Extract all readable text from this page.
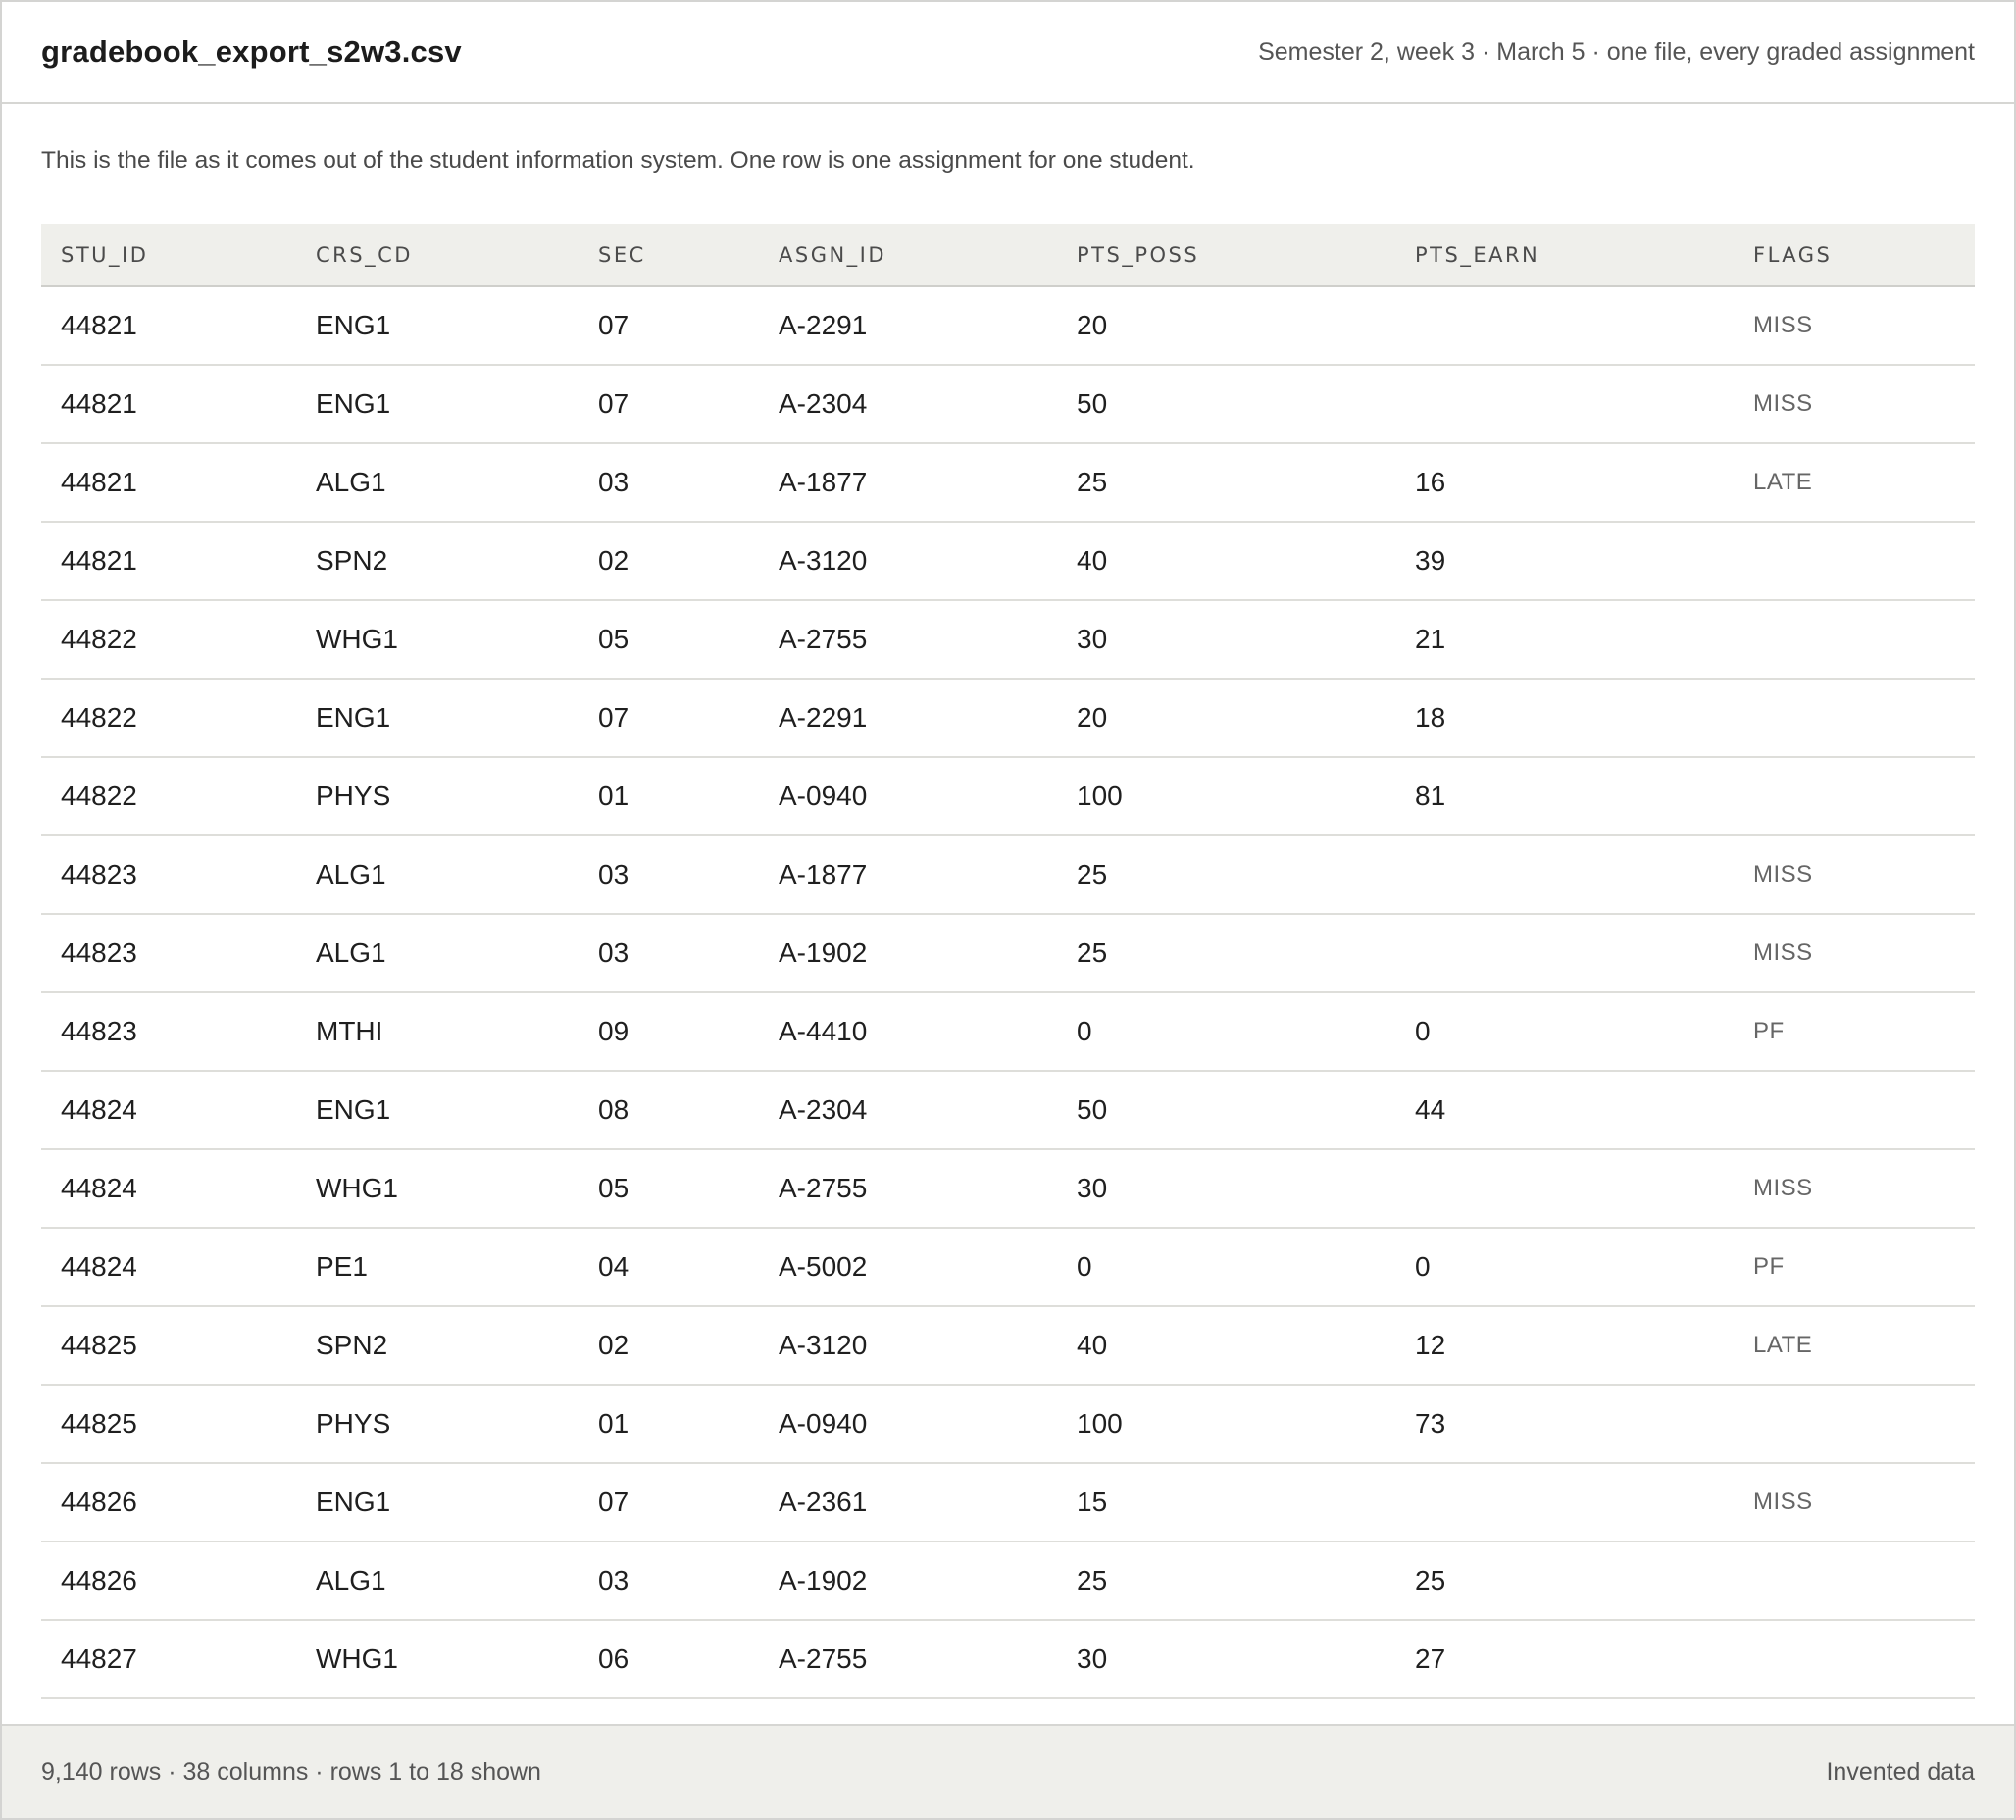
gradebook_export_s2w3.csv	Semester 2, week 3 · March 5 · one file, every graded assignment
This is the file as it comes out of the student information system. One row is one assignment for one student.
STU_ID	CRS_CD	SEC	ASGN_ID	PTS_POSS	PTS_EARN	FLAGS
44821	ENG1	07	A-2291	20		MISS
44821	ENG1	07	A-2304	50		MISS
44821	ALG1	03	A-1877	25	16	LATE
44821	SPN2	02	A-3120	40	39	
44822	WHG1	05	A-2755	30	21	
44822	ENG1	07	A-2291	20	18	
44822	PHYS	01	A-0940	100	81	
44823	ALG1	03	A-1877	25		MISS
44823	ALG1	03	A-1902	25		MISS
44823	MTHI	09	A-4410	0	0	PF
44824	ENG1	08	A-2304	50	44	
44824	WHG1	05	A-2755	30		MISS
44824	PE1	04	A-5002	0	0	PF
44825	SPN2	02	A-3120	40	12	LATE
44825	PHYS	01	A-0940	100	73	
44826	ENG1	07	A-2361	15		MISS
44826	ALG1	03	A-1902	25	25	
44827	WHG1	06	A-2755	30	27	
9,140 rows · 38 columns · rows 1 to 18 shown	Invented data
